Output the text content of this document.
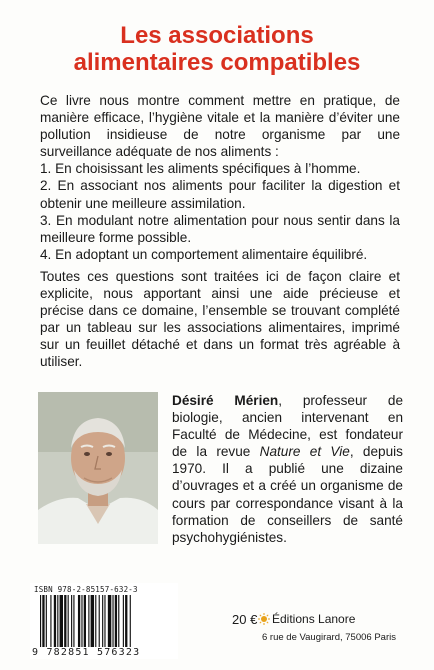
Les associations
alimentaires compatibles

Ce livre nous montre comment mettre en pratique, de manière efficace, l’hygiène vitale et la manière d’éviter une pollution insidieuse de notre organisme par une surveillance adéquate de nos aliments :

1. En choisissant les aliments spécifiques à l’homme.
2. En associant nos aliments pour faciliter la digestion et obtenir une meilleure assimilation.
3. En modulant notre alimentation pour nous sentir dans la meilleure forme possible.
4. En adoptant un comportement alimentaire équilibré.

Toutes ces questions sont traitées ici de façon claire et explicite, nous apportant ainsi une aide précieuse et précise dans ce domaine, l’ensemble se trouvant complété par un tableau sur les associations alimentaires, imprimé sur un feuillet détaché et dans un format très agréable à utiliser.

Désiré Mérien, professeur de biologie, ancien intervenant en Faculté de Médecine, est fondateur de la revue Nature et Vie, depuis 1970. Il a publié une dizaine d’ouvrages et a créé un organisme de cours par correspondance visant à la formation de conseillers de santé psychohygiénistes.

ISBN 978-2-85157-632-3
9 782851 576323
20 € Éditions Lanore
6 rue de Vaugirard, 75006 Paris
